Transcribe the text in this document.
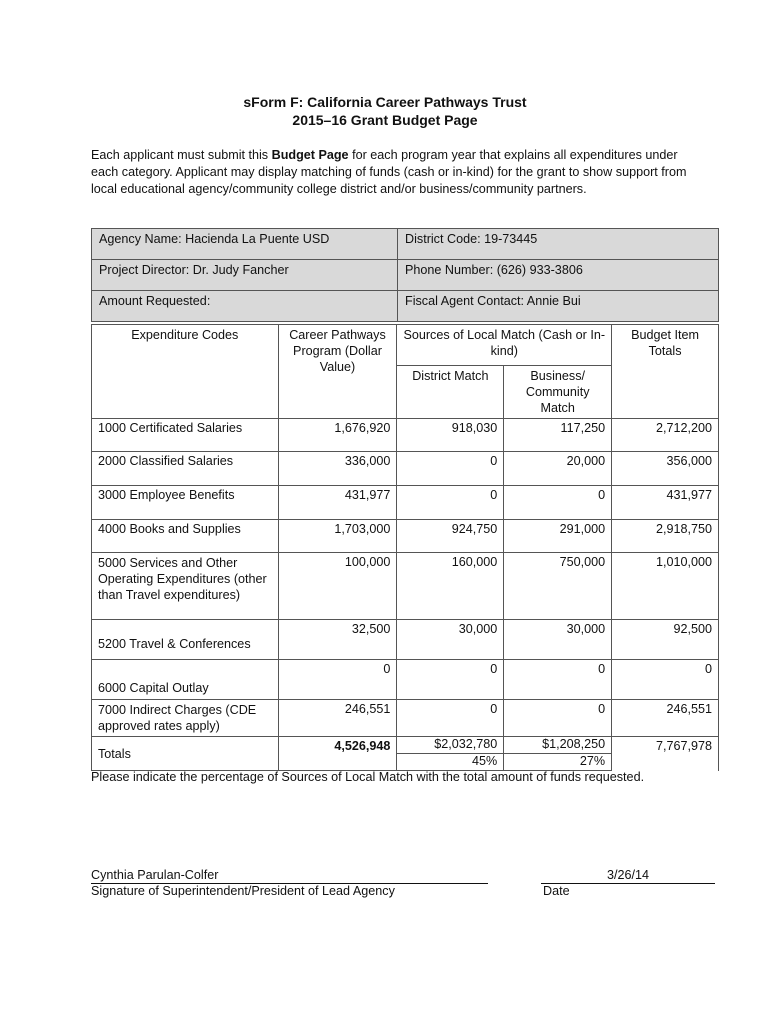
sForm F: California Career Pathways Trust
2015–16 Grant Budget Page
Each applicant must submit this Budget Page for each program year that explains all expenditures under each category. Applicant may display matching of funds (cash or in-kind) for the grant to show support from local educational agency/community college district and/or business/community partners.
Agency Name: Hacienda La Puente USD	District Code: 19-73445
Project Director: Dr. Judy Fancher	Phone Number: (626) 933-3806
Amount Requested:	Fiscal Agent Contact: Annie Bui
Expenditure Codes	Career Pathways Program (Dollar Value)	Sources of Local Match (Cash or In-kind)		Budget Item Totals
		District Match	Business/ Community Match	
1000 Certificated Salaries	1,676,920	918,030	117,250	2,712,200
2000 Classified Salaries	336,000	0	20,000	356,000
3000 Employee Benefits	431,977	0	0	431,977
4000 Books and Supplies	1,703,000	924,750	291,000	2,918,750
5000 Services and Other Operating Expenditures (other than Travel expenditures)	100,000	160,000	750,000	1,010,000
5200 Travel & Conferences	32,500	30,000	30,000	92,500
6000 Capital Outlay	0	0	0	0
7000 Indirect Charges (CDE approved rates apply)	246,551	0	0	246,551
Totals	4,526,948	$2,032,780	$1,208,250	7,767,978
		45%	27%	
Please indicate the percentage of Sources of Local Match with the total amount of funds requested.
Cynthia Parulan-Colfer
Signature of Superintendent/President of Lead Agency
3/26/14
Date
